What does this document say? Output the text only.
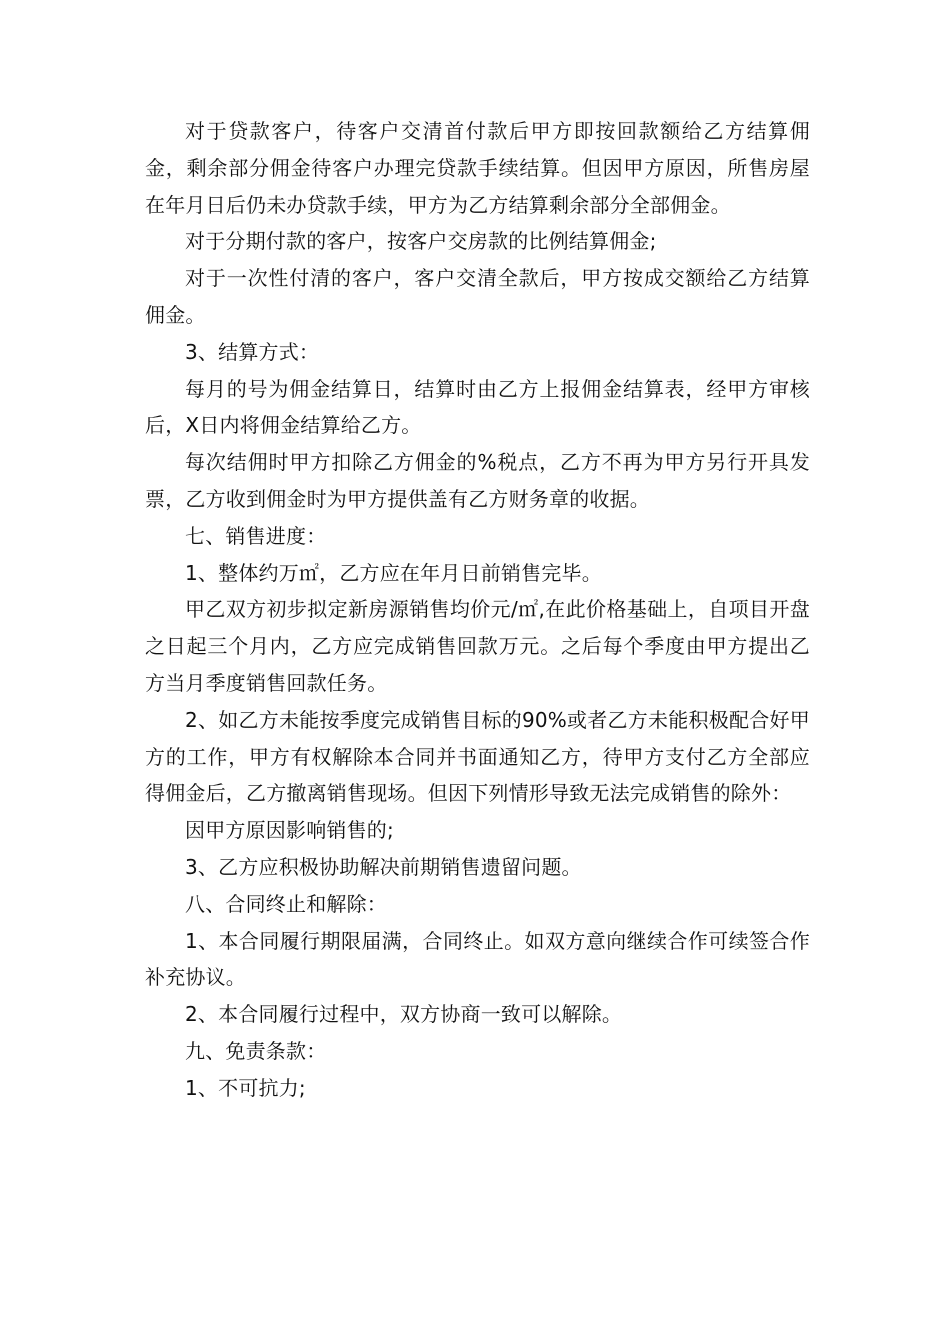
对于贷款客户，待客户交清首付款后甲方即按回款额给乙方结算佣金，剩余部分佣金待客户办理完贷款手续结算。但因甲方原因，所售房屋在年月日后仍未办贷款手续，甲方为乙方结算剩余部分全部佣金。

对于分期付款的客户，按客户交房款的比例结算佣金;

对于一次性付清的客户，客户交清全款后，甲方按成交额给乙方结算佣金。

3、结算方式：

每月的号为佣金结算日，结算时由乙方上报佣金结算表，经甲方审核后，X日内将佣金结算给乙方。

每次结佣时甲方扣除乙方佣金的%税点，乙方不再为甲方另行开具发票，乙方收到佣金时为甲方提供盖有乙方财务章的收据。

七、销售进度：

1、整体约万㎡，乙方应在年月日前销售完毕。

甲乙双方初步拟定新房源销售均价元/㎡,在此价格基础上，自项目开盘之日起三个月内，乙方应完成销售回款万元。之后每个季度由甲方提出乙方当月季度销售回款任务。

2、如乙方未能按季度完成销售目标的90%或者乙方未能积极配合好甲方的工作，甲方有权解除本合同并书面通知乙方，待甲方支付乙方全部应得佣金后，乙方撤离销售现场。但因下列情形导致无法完成销售的除外：

因甲方原因影响销售的;

3、乙方应积极协助解决前期销售遗留问题。

八、合同终止和解除：

1、本合同履行期限届满，合同终止。如双方意向继续合作可续签合作补充协议。

2、本合同履行过程中，双方协商一致可以解除。

九、免责条款：

1、不可抗力;
